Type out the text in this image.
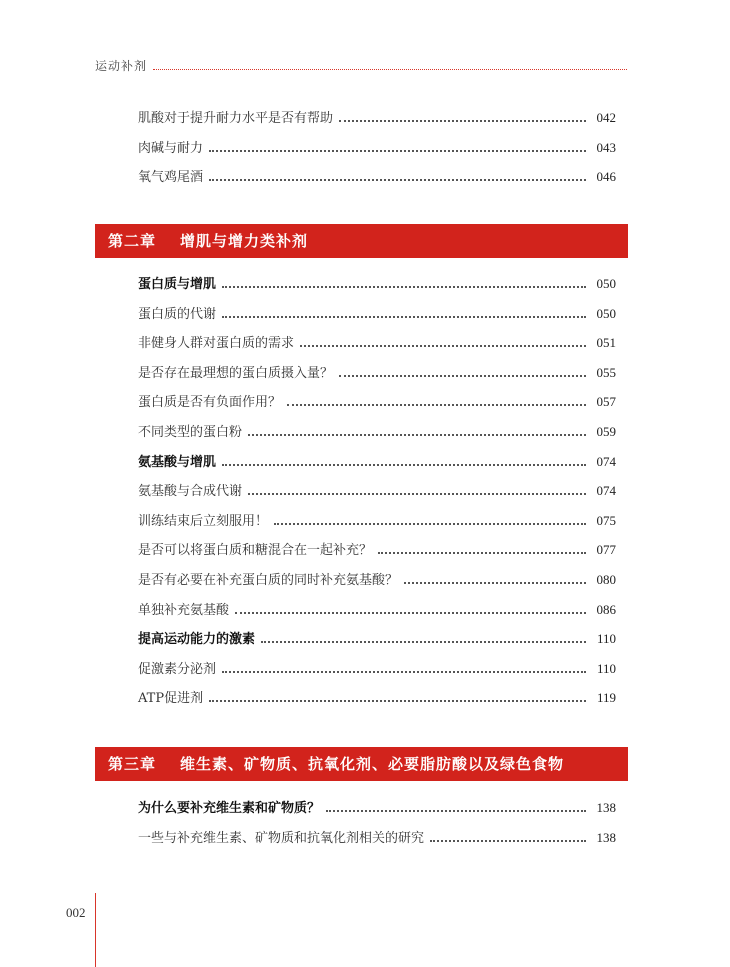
运动补剂
肌酸对于提升耐力水平是否有帮助	042
肉碱与耐力	043
氧气鸡尾酒	046
第二章 增肌与增力类补剂
蛋白质与增肌	050
蛋白质的代谢	050
非健身人群对蛋白质的需求	051
是否存在最理想的蛋白质摄入量？	055
蛋白质是否有负面作用？	057
不同类型的蛋白粉	059
氨基酸与增肌	074
氨基酸与合成代谢	074
训练结束后立刻服用！	075
是否可以将蛋白质和糖混合在一起补充？	077
是否有必要在补充蛋白质的同时补充氨基酸？	080
单独补充氨基酸	086
提高运动能力的激素	110
促激素分泌剂	110
ATP促进剂	119
第三章 维生素、矿物质、抗氧化剂、必要脂肪酸以及绿色食物
为什么要补充维生素和矿物质？	138
一些与补充维生素、矿物质和抗氧化剂相关的研究	138
002
